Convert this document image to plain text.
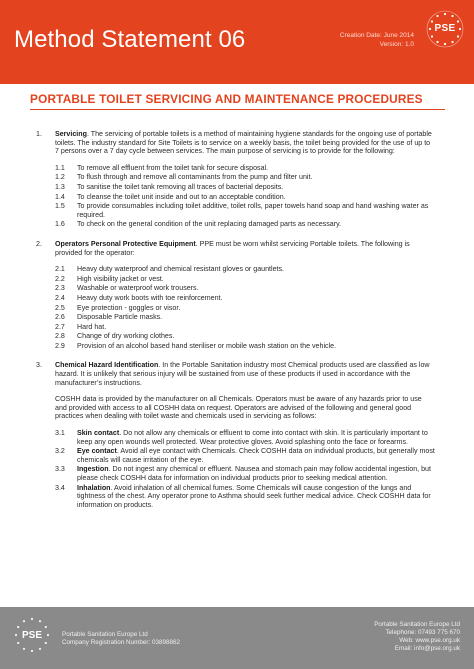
Method Statement 06	Creation Date: June 2014
Version: 1.0
PSE
PORTABLE TOILET SERVICING AND MAINTENANCE PROCEDURES
1. Servicing. The servicing of portable toilets is a method of maintaining hygiene standards for the ongoing use of portable toilets. The industry standard for Site Toilets is to service on a weekly basis, the toilet being provided for the use of up to 7 persons over a 7 day cycle between services. The main purpose of servicing is to provide for the following:

1.1 To remove all effluent from the toilet tank for secure disposal.
1.2 To flush through and remove all contaminants from the pump and filter unit.
1.3 To sanitise the toilet tank removing all traces of bacterial deposits.
1.4 To cleanse the toilet unit inside and out to an acceptable condition.
1.5 To provide consumables including toilet additive, toilet rolls, paper towels hand soap and hand washing water as required.
1.6 To check on the general condition of the unit replacing damaged parts as necessary.
2. Operators Personal Protective Equipment. PPE must be worn whilst servicing Portable toilets. The following is provided for the operator:

2.1 Heavy duty waterproof and chemical resistant gloves or gauntlets.
2.2 High visibility jacket or vest.
2.3 Washable or waterproof work trousers.
2.4 Heavy duty work boots with toe reinforcement.
2.5 Eye protection - goggles or visor.
2.6 Disposable Particle masks.
2.7 Hard hat.
2.8 Change of dry working clothes.
2.9 Provision of an alcohol based hand steriliser or mobile wash station on the vehicle.
3. Chemical Hazard Identification. In the Portable Sanitation industry most Chemical products used are classified as low hazard. It is unlikely that serious injury will be sustained from use of these products if used in accordance with the manufacturer’s instructions.

COSHH data is provided by the manufacturer on all Chemicals. Operators must be aware of any hazards prior to use and provided with access to all COSHH data on request. Operators are advised of the following and general good practices when dealing with toilet waste and chemicals used in servicing as follows:

3.1 Skin contact. Do not allow any chemicals or effluent to come into contact with skin. It is particularly important to keep any open wounds well protected. Wear protective gloves. Avoid splashing onto the face or forearms.
3.2 Eye contact. Avoid all eye contact with Chemicals. Check COSHH data on individual products, but generally most chemicals will cause irritation of the eye.
3.3 Ingestion. Do not ingest any chemical or effluent. Nausea and stomach pain may follow accidental ingestion, but please check COSHH data for information on individual products prior to seeking medical attention.
3.4 Inhalation. Avoid inhalation of all chemical fumes. Some Chemicals will cause congestion of the lungs and tightness of the chest. Any operator prone to Asthma should seek further medical advice. Check COSHH data for information on products.
PSE	Portable Sanitation Europe Ltd
Company Registration Number: 03898862
Portable Sanitation Europe Ltd
Telephone: 07493 775 670
Web: www.pse.org.uk
Email: info@pse.org.uk
